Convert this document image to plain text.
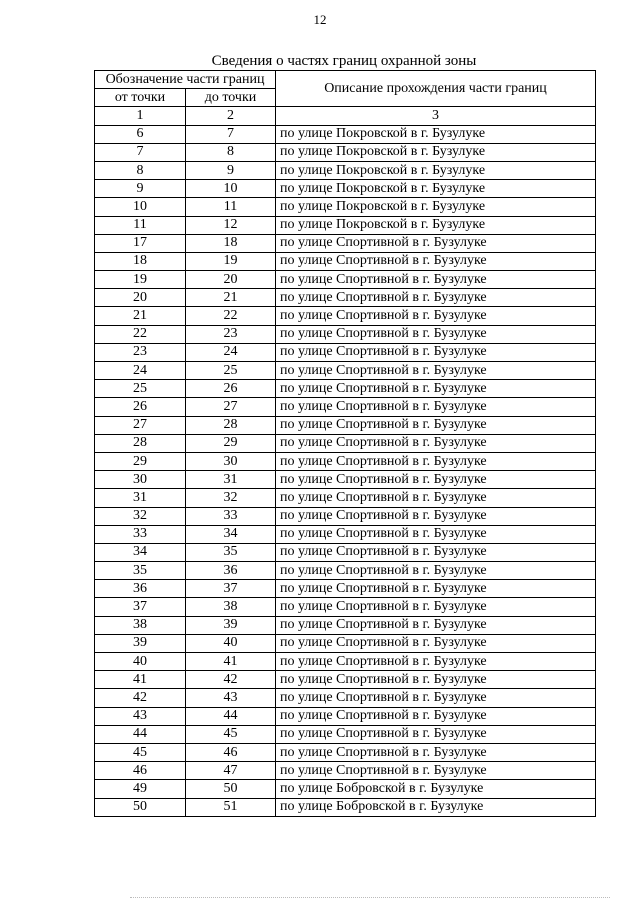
12
Сведения о частях границ охранной зоны
Обозначение части границ		Описание прохождения части границ
от точки	до точки	
1	2	3
6	7	по улице Покровской в г. Бузулуке
7	8	по улице Покровской в г. Бузулуке
8	9	по улице Покровской в г. Бузулуке
9	10	по улице Покровской в г. Бузулуке
10	11	по улице Покровской в г. Бузулуке
11	12	по улице Покровской в г. Бузулуке
17	18	по улице Спортивной в г. Бузулуке
18	19	по улице Спортивной в г. Бузулуке
19	20	по улице Спортивной в г. Бузулуке
20	21	по улице Спортивной в г. Бузулуке
21	22	по улице Спортивной в г. Бузулуке
22	23	по улице Спортивной в г. Бузулуке
23	24	по улице Спортивной в г. Бузулуке
24	25	по улице Спортивной в г. Бузулуке
25	26	по улице Спортивной в г. Бузулуке
26	27	по улице Спортивной в г. Бузулуке
27	28	по улице Спортивной в г. Бузулуке
28	29	по улице Спортивной в г. Бузулуке
29	30	по улице Спортивной в г. Бузулуке
30	31	по улице Спортивной в г. Бузулуке
31	32	по улице Спортивной в г. Бузулуке
32	33	по улице Спортивной в г. Бузулуке
33	34	по улице Спортивной в г. Бузулуке
34	35	по улице Спортивной в г. Бузулуке
35	36	по улице Спортивной в г. Бузулуке
36	37	по улице Спортивной в г. Бузулуке
37	38	по улице Спортивной в г. Бузулуке
38	39	по улице Спортивной в г. Бузулуке
39	40	по улице Спортивной в г. Бузулуке
40	41	по улице Спортивной в г. Бузулуке
41	42	по улице Спортивной в г. Бузулуке
42	43	по улице Спортивной в г. Бузулуке
43	44	по улице Спортивной в г. Бузулуке
44	45	по улице Спортивной в г. Бузулуке
45	46	по улице Спортивной в г. Бузулуке
46	47	по улице Спортивной в г. Бузулуке
49	50	по улице Бобровской в г. Бузулуке
50	51	по улице Бобровской в г. Бузулуке
